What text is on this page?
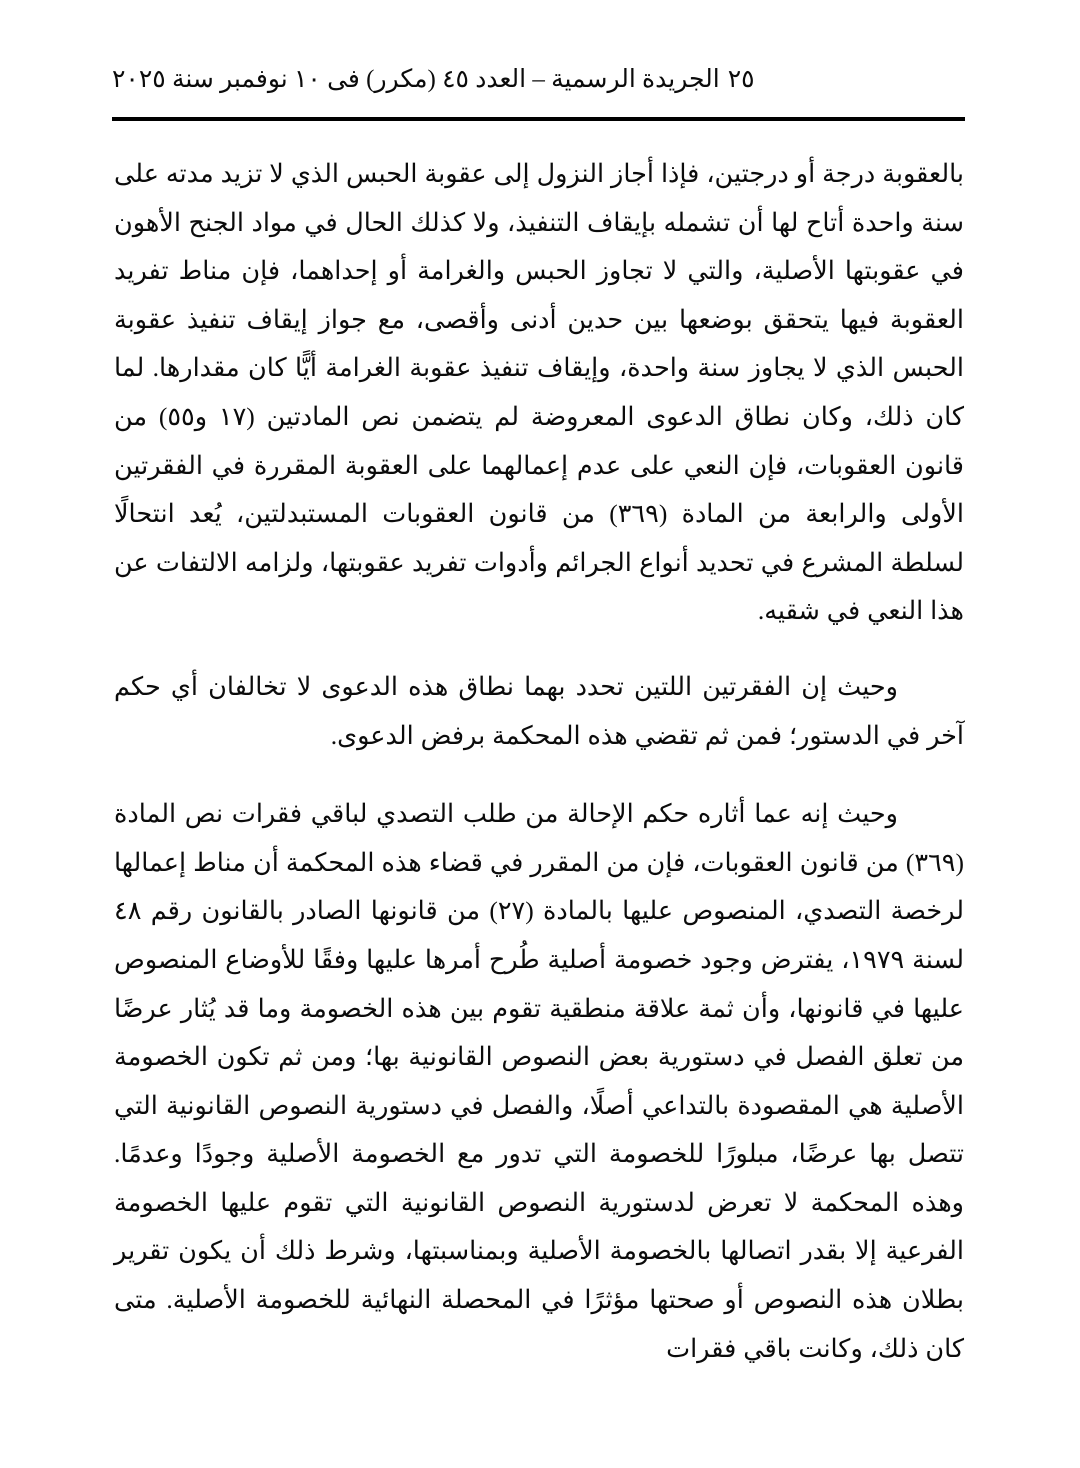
الجريدة الرسمية – العدد ٤٥ (مكرر) فى ١٠ نوفمبر سنة ٢٠٢٥ ٢٥

بالعقوبة درجة أو درجتين، فإذا أجاز النزول إلى عقوبة الحبس الذي لا تزيد مدته على سنة واحدة أتاح لها أن تشمله بإيقاف التنفيذ، ولا كذلك الحال في مواد الجنح الأهون في عقوبتها الأصلية، والتي لا تجاوز الحبس والغرامة أو إحداهما، فإن مناط تفريد العقوبة فيها يتحقق بوضعها بين حدين أدنى وأقصى، مع جواز إيقاف تنفيذ عقوبة الحبس الذي لا يجاوز سنة واحدة، وإيقاف تنفيذ عقوبة الغرامة أيًّا كان مقدارها. لما كان ذلك، وكان نطاق الدعوى المعروضة لم يتضمن نص المادتين (١٧ و٥٥) من قانون العقوبات، فإن النعي على عدم إعمالهما على العقوبة المقررة في الفقرتين الأولى والرابعة من المادة (٣٦٩) من قانون العقوبات المستبدلتين، يُعد انتحالًا لسلطة المشرع في تحديد أنواع الجرائم وأدوات تفريد عقوبتها، ولزامه الالتفات عن هذا النعي في شقيه.

وحيث إن الفقرتين اللتين تحدد بهما نطاق هذه الدعوى لا تخالفان أي حكم آخر في الدستور؛ فمن ثم تقضي هذه المحكمة برفض الدعوى.

وحيث إنه عما أثاره حكم الإحالة من طلب التصدي لباقي فقرات نص المادة (٣٦٩) من قانون العقوبات، فإن من المقرر في قضاء هذه المحكمة أن مناط إعمالها لرخصة التصدي، المنصوص عليها بالمادة (٢٧) من قانونها الصادر بالقانون رقم ٤٨ لسنة ١٩٧٩، يفترض وجود خصومة أصلية طُرح أمرها عليها وفقًا للأوضاع المنصوص عليها في قانونها، وأن ثمة علاقة منطقية تقوم بين هذه الخصومة وما قد يُثار عرضًا من تعلق الفصل في دستورية بعض النصوص القانونية بها؛ ومن ثم تكون الخصومة الأصلية هي المقصودة بالتداعي أصلًا، والفصل في دستورية النصوص القانونية التي تتصل بها عرضًا، مبلورًا للخصومة التي تدور مع الخصومة الأصلية وجودًا وعدمًا. وهذه المحكمة لا تعرض لدستورية النصوص القانونية التي تقوم عليها الخصومة الفرعية إلا بقدر اتصالها بالخصومة الأصلية وبمناسبتها، وشرط ذلك أن يكون تقرير بطلان هذه النصوص أو صحتها مؤثرًا في المحصلة النهائية للخصومة الأصلية. متى كان ذلك، وكانت باقي فقرات
